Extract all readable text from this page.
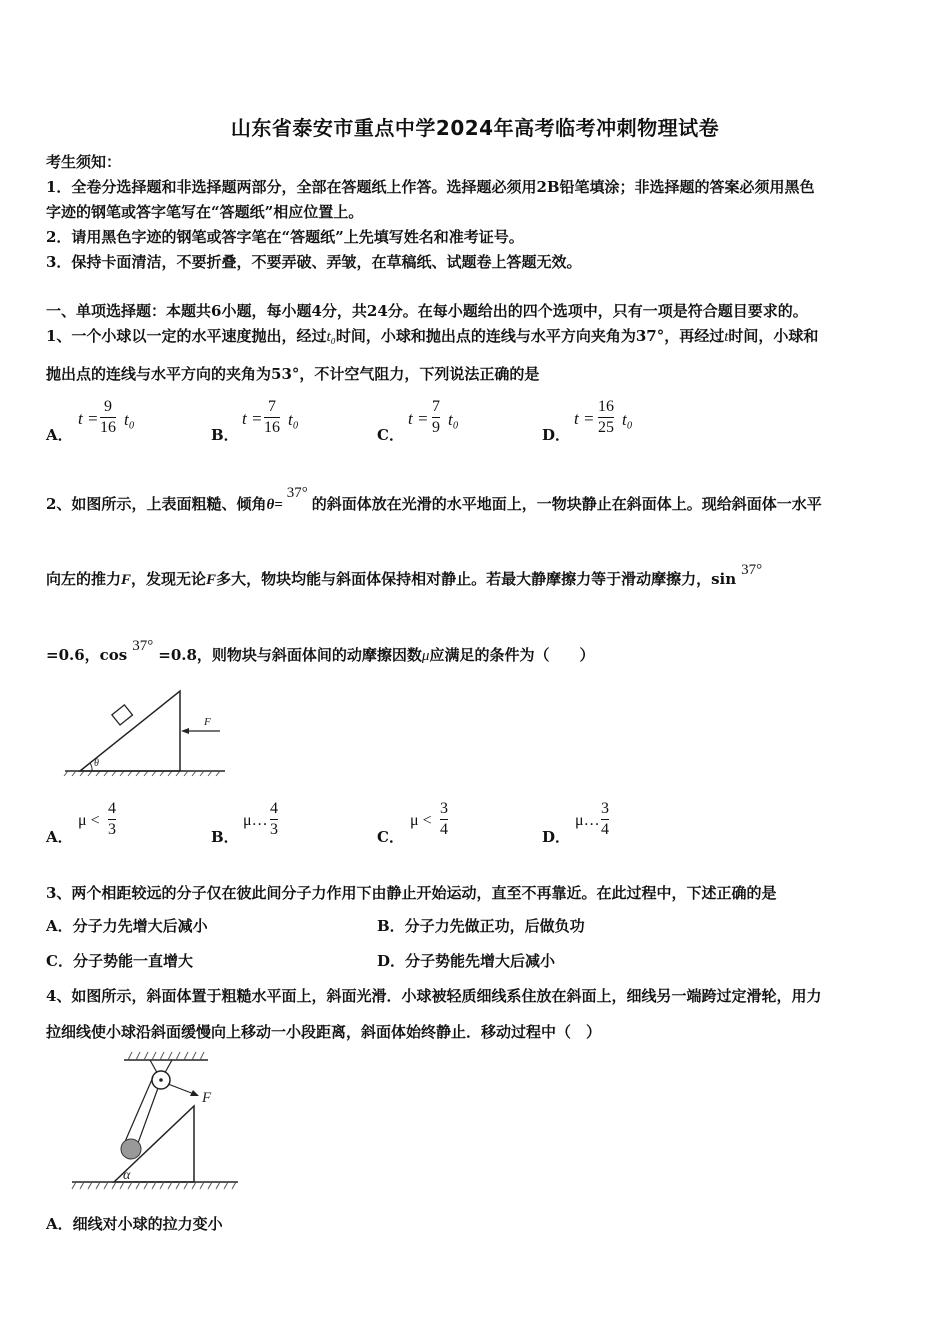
山东省泰安市重点中学2024年高考临考冲刺物理试卷
考生须知：
1．全卷分选择题和非选择题两部分，全部在答题纸上作答。选择题必须用2B铅笔填涂；非选择题的答案必须用黑色
字迹的钢笔或答字笔写在“答题纸”相应位置上。
2．请用黑色字迹的钢笔或答字笔在“答题纸”上先填写姓名和准考证号。
3．保持卡面清洁，不要折叠，不要弄破、弄皱，在草稿纸、试题卷上答题无效。
一、单项选择题：本题共6小题，每小题4分，共24分。在每小题给出的四个选项中，只有一项是符合题目要求的。
1、一个小球以一定的水平速度抛出，经过t₀时间，小球和抛出点的连线与水平方向夹角为37°，再经过t时间，小球和
抛出点的连线与水平方向的夹角为53°，不计空气阻力，下列说法正确的是
A．
t =
9
16 t₀
B．
t =
7
16 t₀
C．
t =
7
9 t₀
D．
t =
16
25 t₀
2、如图所示，上表面粗糙、倾角θ=37°的斜面体放在光滑的水平地面上，一物块静止在斜面体上。现给斜面体一水平
向左的推力F，发现无论F多大，物块均能与斜面体保持相对静止。若最大静摩擦力等于滑动摩擦力，sin 37°
=0.6，cos 37° =0.8，则物块与斜面体间的动摩擦因数μ应满足的条件为（　　）
F
θ
A．
μ <
4
3	B．
μ…
4
3	C．
μ <
3
4	D．
μ…
3
4
3、两个相距较远的分子仅在彼此间分子力作用下由静止开始运动，直至不再靠近。在此过程中，下述正确的是
A．分子力先增大后减小	B．分子力先做正功，后做负功
C．分子势能一直增大	D．分子势能先增大后减小
4、如图所示，斜面体置于粗糙水平面上，斜面光滑．小球被轻质细线系住放在斜面上，细线另一端跨过定滑轮，用力
拉细线使小球沿斜面缓慢向上移动一小段距离，斜面体始终静止．移动过程中（　）
F
α
A．细线对小球的拉力变小
